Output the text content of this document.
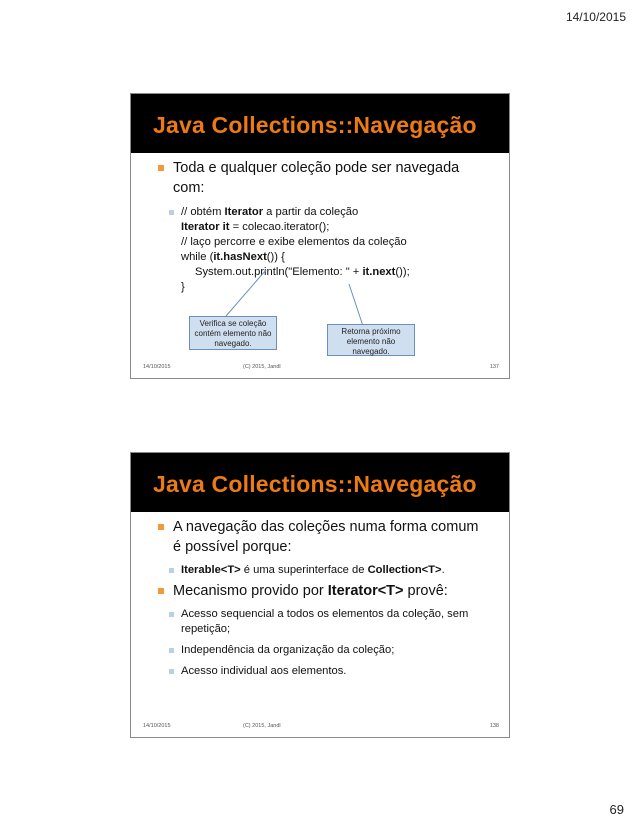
14/10/2015
Java Collections::Navegação
Toda e qualquer coleção pode ser navegada com:
// obtém Iterator a partir da coleção
Iterator it = colecao.iterator();
// laço percorre e exibe elementos da coleção
while (it.hasNext()) {
System.out.println("Elemento: " + it.next());
}
Verifica se coleção contém elemento não navegado.
Retorna próximo elemento não navegado.
14/10/2015	(C) 2015, Jandl	137
Java Collections::Navegação
A navegação das coleções numa forma comum é possível porque:
Iterable<T> é uma superinterface de Collection<T>.
Mecanismo provido por Iterator<T> provê:
Acesso sequencial a todos os elementos da coleção, sem repetição;
Independência da organização da coleção;
Acesso individual aos elementos.
14/10/2015	(C) 2015, Jandl	138
69
